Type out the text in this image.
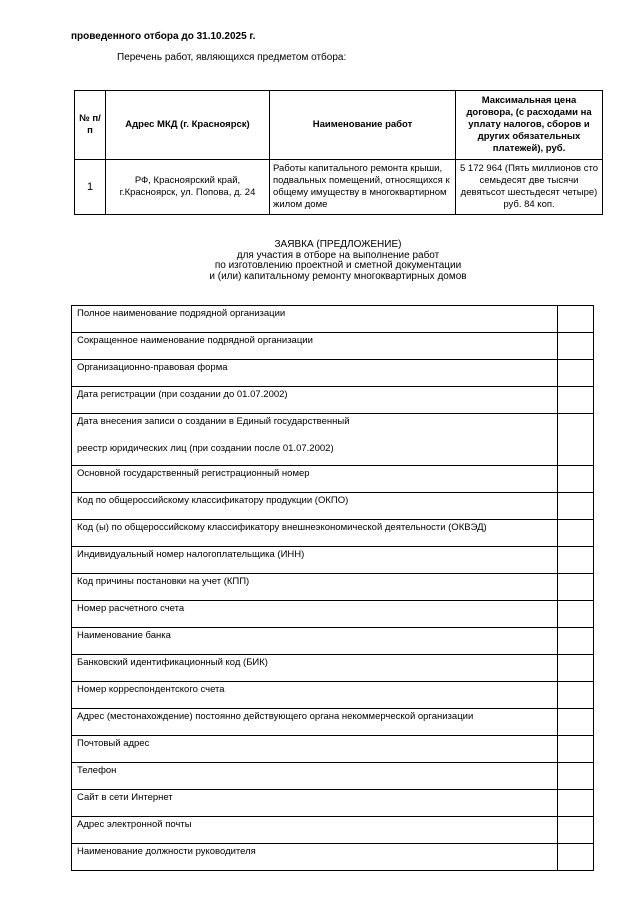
проведенного отбора до 31.10.2025 г.
Перечень работ, являющихся предметом отбора:
№ п/п	Адрес МКД (г. Красноярск)	Наименование работ	Максимальная цена договора, (с расходами на уплату налогов, сборов и других обязательных платежей), руб.
1	РФ, Красноярский край, г.Красноярск, ул. Попова, д. 24	Работы капитального ремонта крыши, подвальных помещений, относящихся к общему имуществу в многоквартирном жилом доме	5 172 964 (Пять миллионов сто семьдесят две тысячи девятьсот шестьдесят четыре) руб. 84 коп.
ЗАЯВКА (ПРЕДЛОЖЕНИЕ)
для участия в отборе на выполнение работ
по изготовлению проектной и сметной документации
и (или) капитальному ремонту многоквартирных домов
Полное наименование подрядной организации	
Сокращенное наименование подрядной организации	
Организационно-правовая форма	
Дата регистрации (при создании до 01.07.2002)	
Дата внесения записи о создании в Единый государственный
реестр юридических лиц (при создании после 01.07.2002)	

Основной государственный регистрационный номер	
Код по общероссийскому классификатору продукции (ОКПО)	
Код (ы) по общероссийскому классификатору внешнеэкономической деятельности (ОКВЭД)	
Индивидуальный номер налогоплательщика (ИНН)	
Код причины постановки на учет (КПП)	
Номер расчетного счета	
Наименование банка	
Банковский идентификационный код (БИК)	
Номер корреспондентского счета	
Адрес (местонахождение) постоянно действующего органа некоммерческой организации	
Почтовый адрес	
Телефон	
Сайт в сети Интернет	
Адрес электронной почты	
Наименование должности руководителя	
